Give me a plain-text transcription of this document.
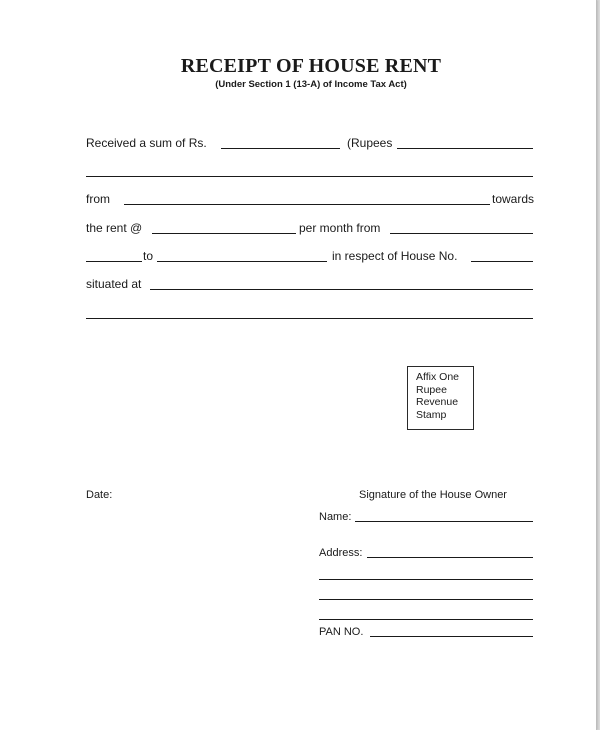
RECEIPT OF HOUSE RENT
(Under Section 1 (13-A) of Income Tax Act)
Received a sum of Rs.	(Rupees
from	towards
the rent @	per month from
to	in respect of House No.
situated at
Affix One
Rupee
Revenue
Stamp
Date:	Signature of the House Owner
Name:
Address:
PAN NO.
